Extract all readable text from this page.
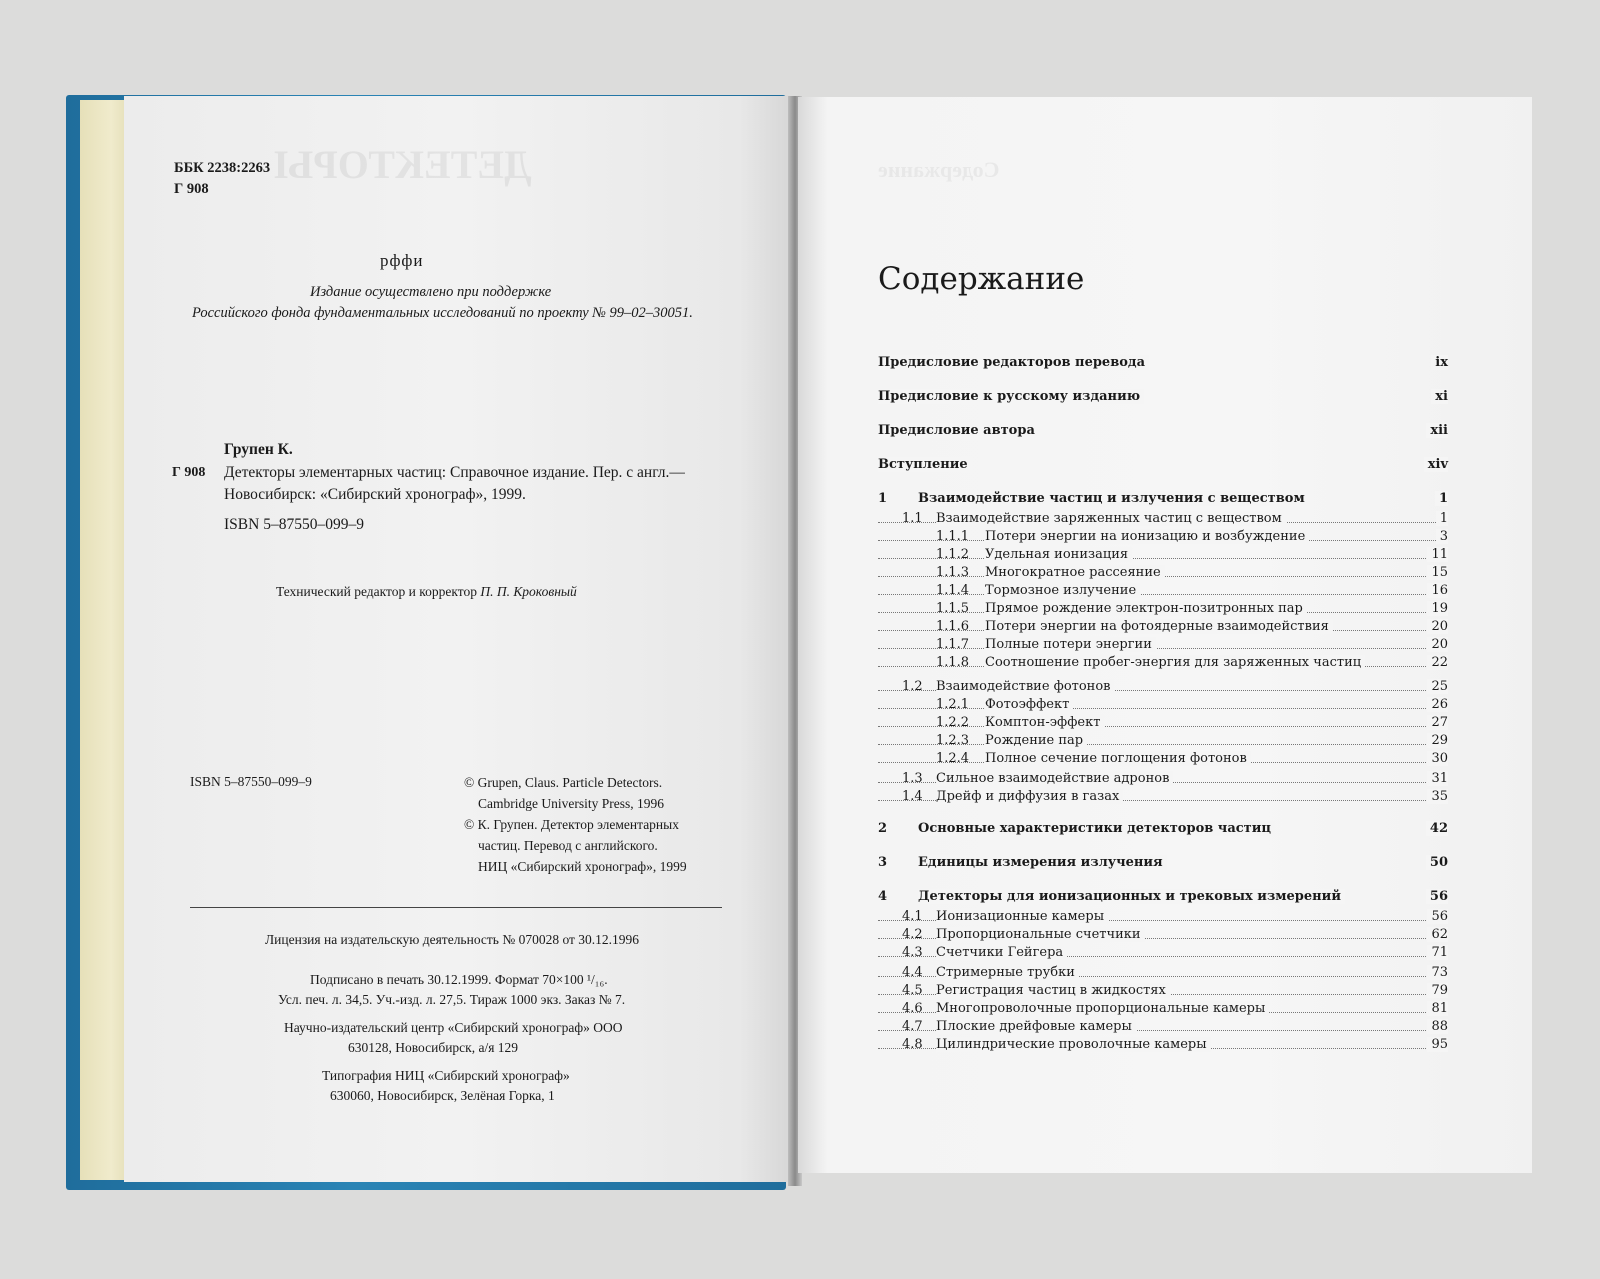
ДЕТЕКТОРЫ
ББК 2238:2263
Г 908
рффи
Издание осуществлено при поддержке
Российского фонда фундаментальных исследований по проекту № 99–02–30051.
Групен К.
Г 908 Детекторы элементарных частиц: Справочное издание. Пер. с англ.—
Новосибирск: «Сибирский хронограф», 1999.
ISBN 5–87550–099–9
Технический редактор и корректор П. П. Кроковный
ISBN 5–87550–099–9	© Grupen, Claus. Particle Detectors.
Cambridge University Press, 1996
© К. Групен. Детектор элементарных
частиц. Перевод с английского.
НИЦ «Сибирский хронограф», 1999
Лицензия на издательскую деятельность № 070028 от 30.12.1996
Подписано в печать 30.12.1999. Формат 70×100 ¹/₁₆.
Усл. печ. л. 34,5. Уч.-изд. л. 27,5. Тираж 1000 экз. Заказ № 7.
Научно-издательский центр «Сибирский хронограф» ООО
630128, Новосибирск, а/я 129
Типография НИЦ «Сибирский хронограф»
630060, Новосибирск, Зелёная Горка, 1
Содержание
Содержание
Предисловие редакторов перевода	ix
Предисловие к русскому изданию	xi
Предисловие автора	xii
Вступление	xiv
1 Взаимодействие частиц и излучения с веществом	1
1.1 Взаимодействие заряженных частиц с веществом	1
1.1.1 Потери энергии на ионизацию и возбуждение	3
1.1.2 Удельная ионизация	11
1.1.3 Многократное рассеяние	15
1.1.4 Тормозное излучение	16
1.1.5 Прямое рождение электрон-позитронных пар	19
1.1.6 Потери энергии на фотоядерные взаимодействия	20
1.1.7 Полные потери энергии	20
1.1.8 Соотношение пробег-энергия для заряженных частиц	22
1.2 Взаимодействие фотонов	25
1.2.1 Фотоэффект	26
1.2.2 Комптон-эффект	27
1.2.3 Рождение пар	29
1.2.4 Полное сечение поглощения фотонов	30
1.3 Сильное взаимодействие адронов	31
1.4 Дрейф и диффузия в газах	35
2 Основные характеристики детекторов частиц	42
3 Единицы измерения излучения	50
4 Детекторы для ионизационных и трековых измерений	56
4.1 Ионизационные камеры	56
4.2 Пропорциональные счетчики	62
4.3 Счетчики Гейгера	71
4.4 Стримерные трубки	73
4.5 Регистрация частиц в жидкостях	79
4.6 Многопроволочные пропорциональные камеры	81
4.7 Плоские дрейфовые камеры	88
4.8 Цилиндрические проволочные камеры	95
